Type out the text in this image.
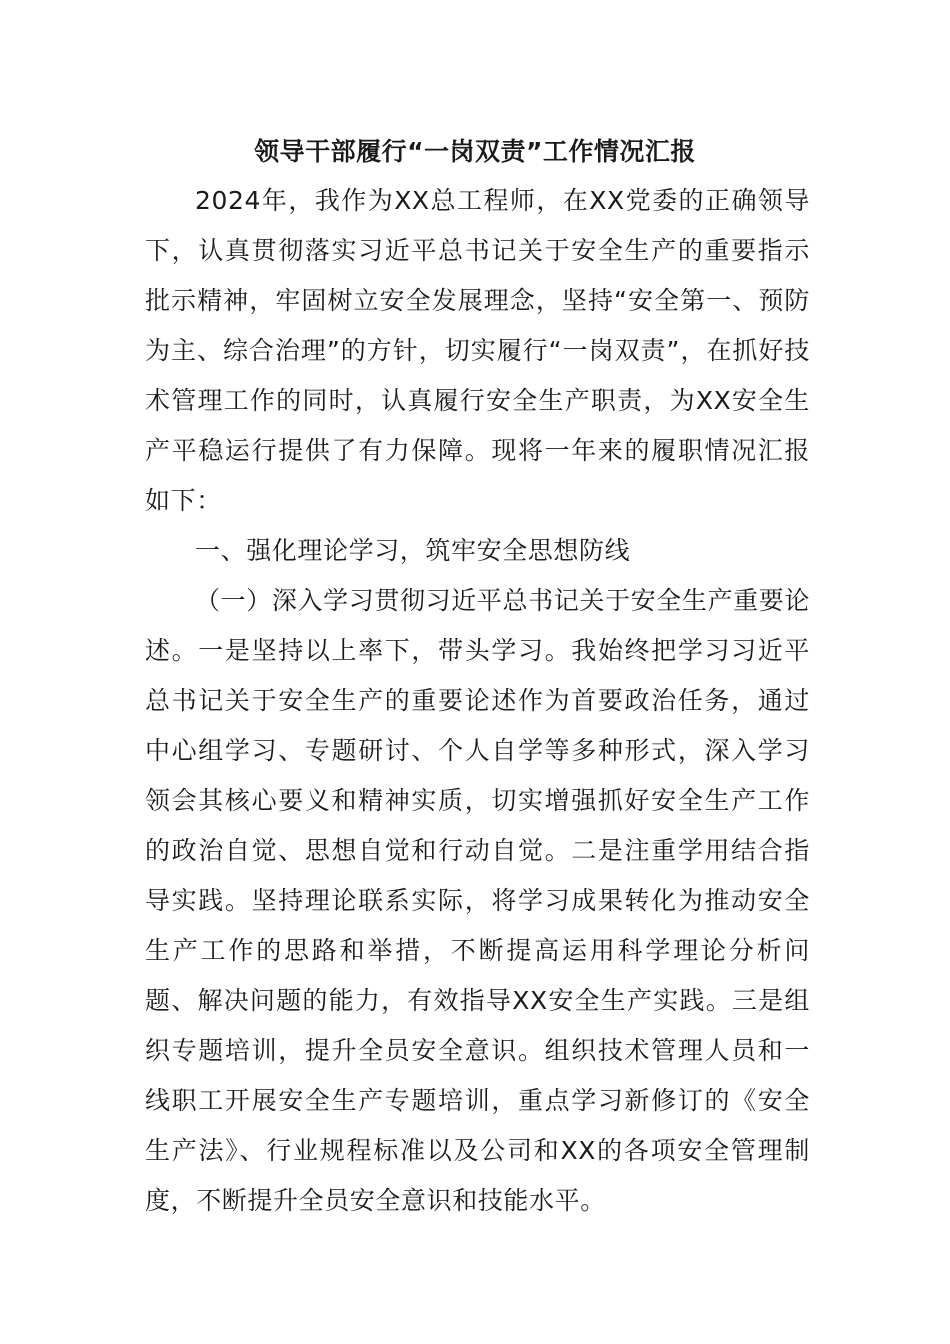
领导干部履行“一岗双责”工作情况汇报

2024年，我作为XX总工程师，在XX党委的正确领导下，认真贯彻落实习近平总书记关于安全生产的重要指示批示精神，牢固树立安全发展理念，坚持“安全第一、预防为主、综合治理”的方针，切实履行“一岗双责”，在抓好技术管理工作的同时，认真履行安全生产职责，为XX安全生产平稳运行提供了有力保障。现将一年来的履职情况汇报如下：

一、强化理论学习，筑牢安全思想防线

（一）深入学习贯彻习近平总书记关于安全生产重要论述。一是坚持以上率下，带头学习。我始终把学习习近平总书记关于安全生产的重要论述作为首要政治任务，通过中心组学习、专题研讨、个人自学等多种形式，深入学习领会其核心要义和精神实质，切实增强抓好安全生产工作的政治自觉、思想自觉和行动自觉。二是注重学用结合指导实践。坚持理论联系实际，将学习成果转化为推动安全生产工作的思路和举措，不断提高运用科学理论分析问题、解决问题的能力，有效指导XX安全生产实践。三是组织专题培训，提升全员安全意识。组织技术管理人员和一线职工开展安全生产专题培训，重点学习新修订的《安全生产法》、行业规程标准以及公司和XX的各项安全管理制度，不断提升全员安全意识和技能水平。
